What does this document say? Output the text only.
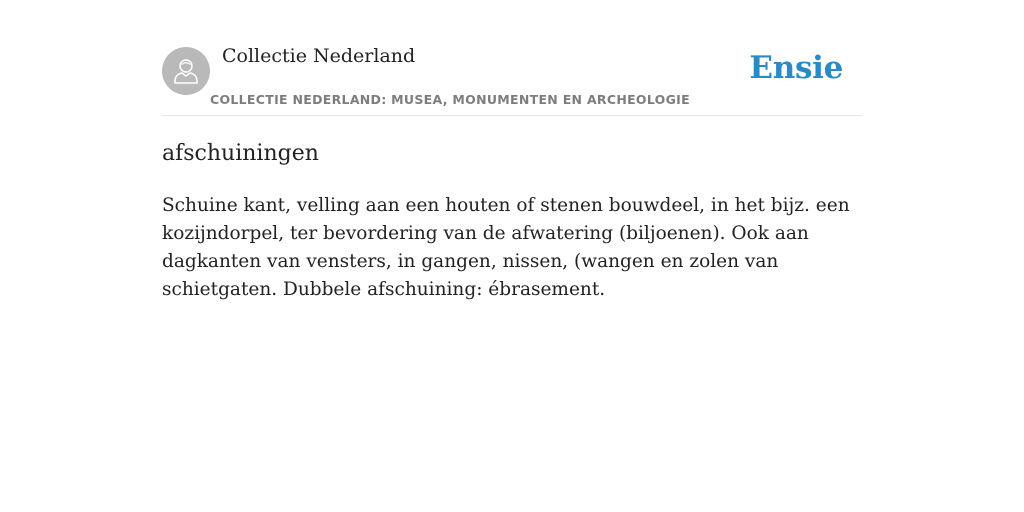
Collectie Nederland
COLLECTIE NEDERLAND: MUSEA, MONUMENTEN EN ARCHEOLOGIE
Ensie
afschuiningen

Schuine kant, velling aan een houten of stenen bouwdeel, in het bijz. een kozijndorpel, ter bevordering van de afwatering (biljoenen). Ook aan dagkanten van vensters, in gangen, nissen, (wangen en zolen van schietgaten. Dubbele afschuining: ébrasement.
